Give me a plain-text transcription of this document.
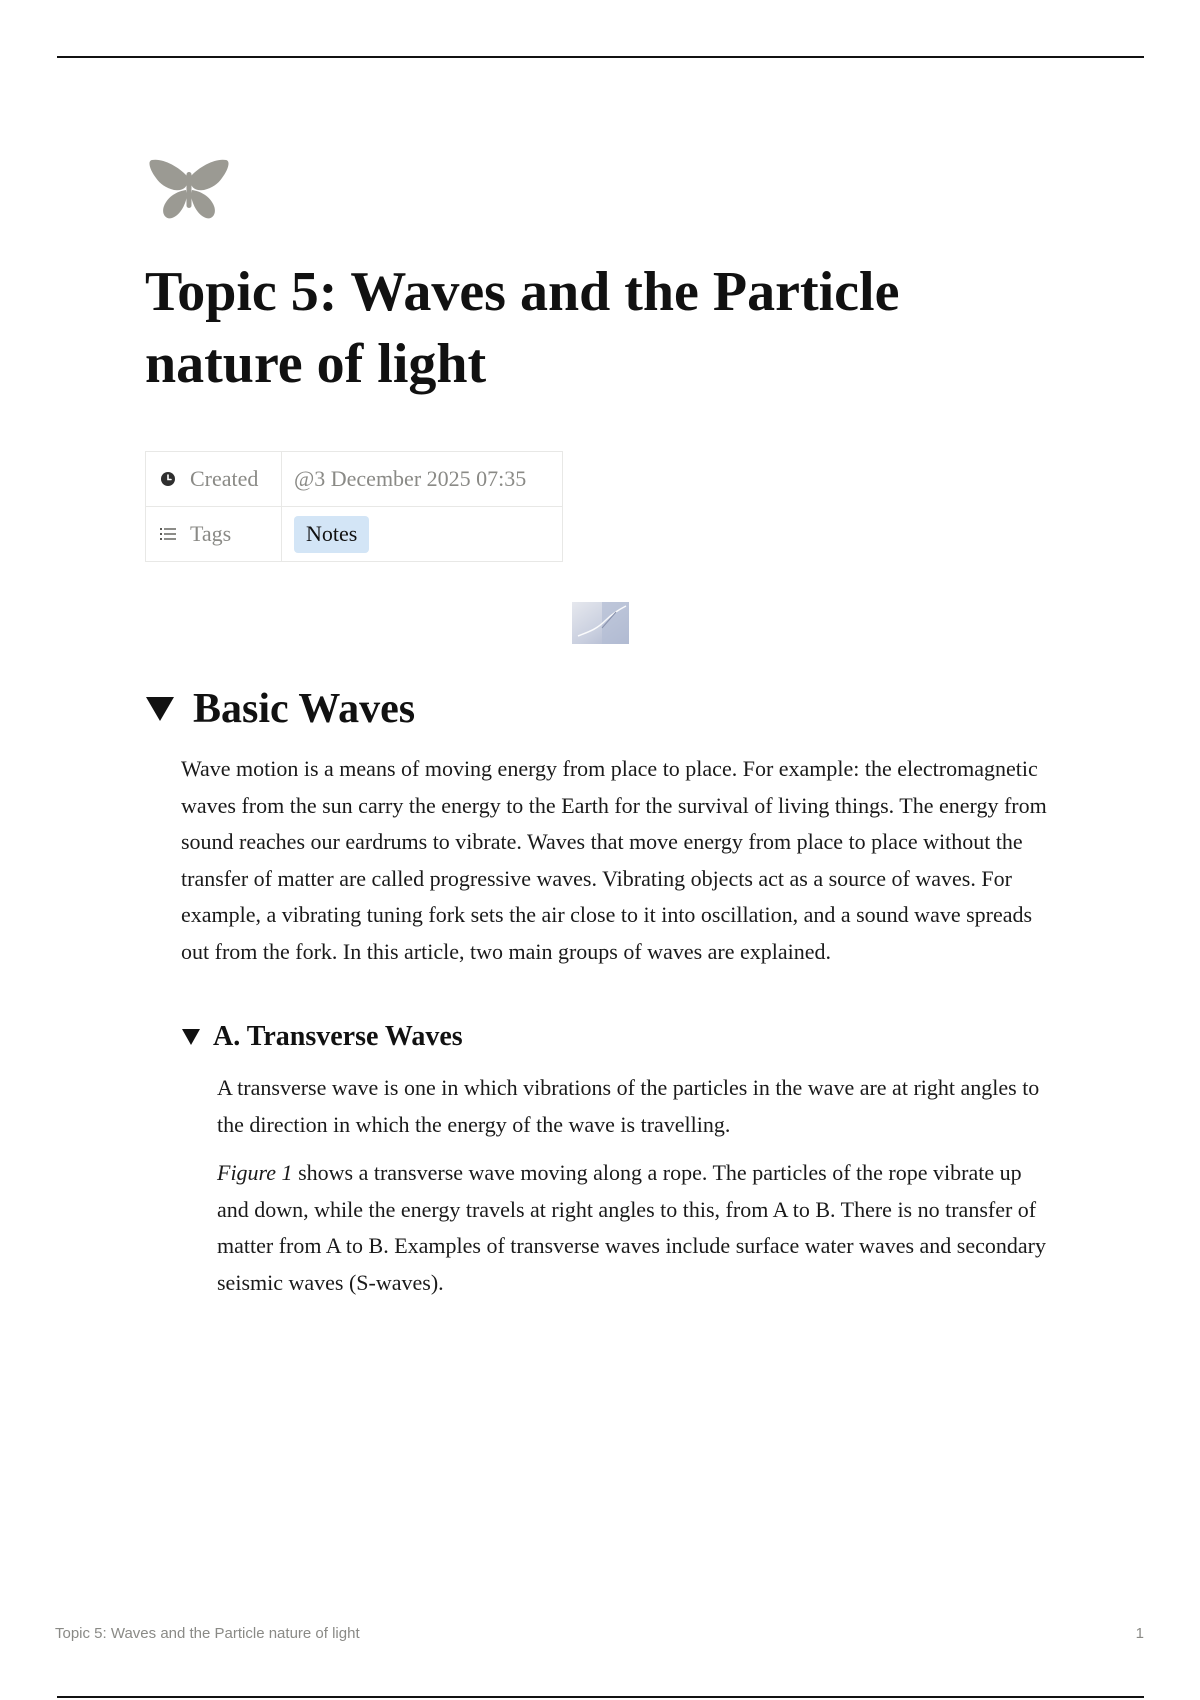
Topic 5: Waves and the Particle nature of light
Created	@3 December 2025 07:35

Tags	Notes
Basic Waves

Wave motion is a means of moving energy from place to place. For example: the electromagnetic waves from the sun carry the energy to the Earth for the survival of living things. The energy from sound reaches our eardrums to vibrate. Waves that move energy from place to place without the transfer of matter are called progressive waves. Vibrating objects act as a source of waves. For example, a vibrating tuning fork sets the air close to it into oscillation, and a sound wave spreads out from the fork. In this article, two main groups of waves are explained.

A. Transverse Waves

A transverse wave is one in which vibrations of the particles in the wave are at right angles to the direction in which the energy of the wave is travelling.

Figure 1 shows a transverse wave moving along a rope. The particles of the rope vibrate up and down, while the energy travels at right angles to this, from A to B. There is no transfer of matter from A to B. Examples of transverse waves include surface water waves and secondary seismic waves (S-waves).

Topic 5: Waves and the Particle nature of light	1
